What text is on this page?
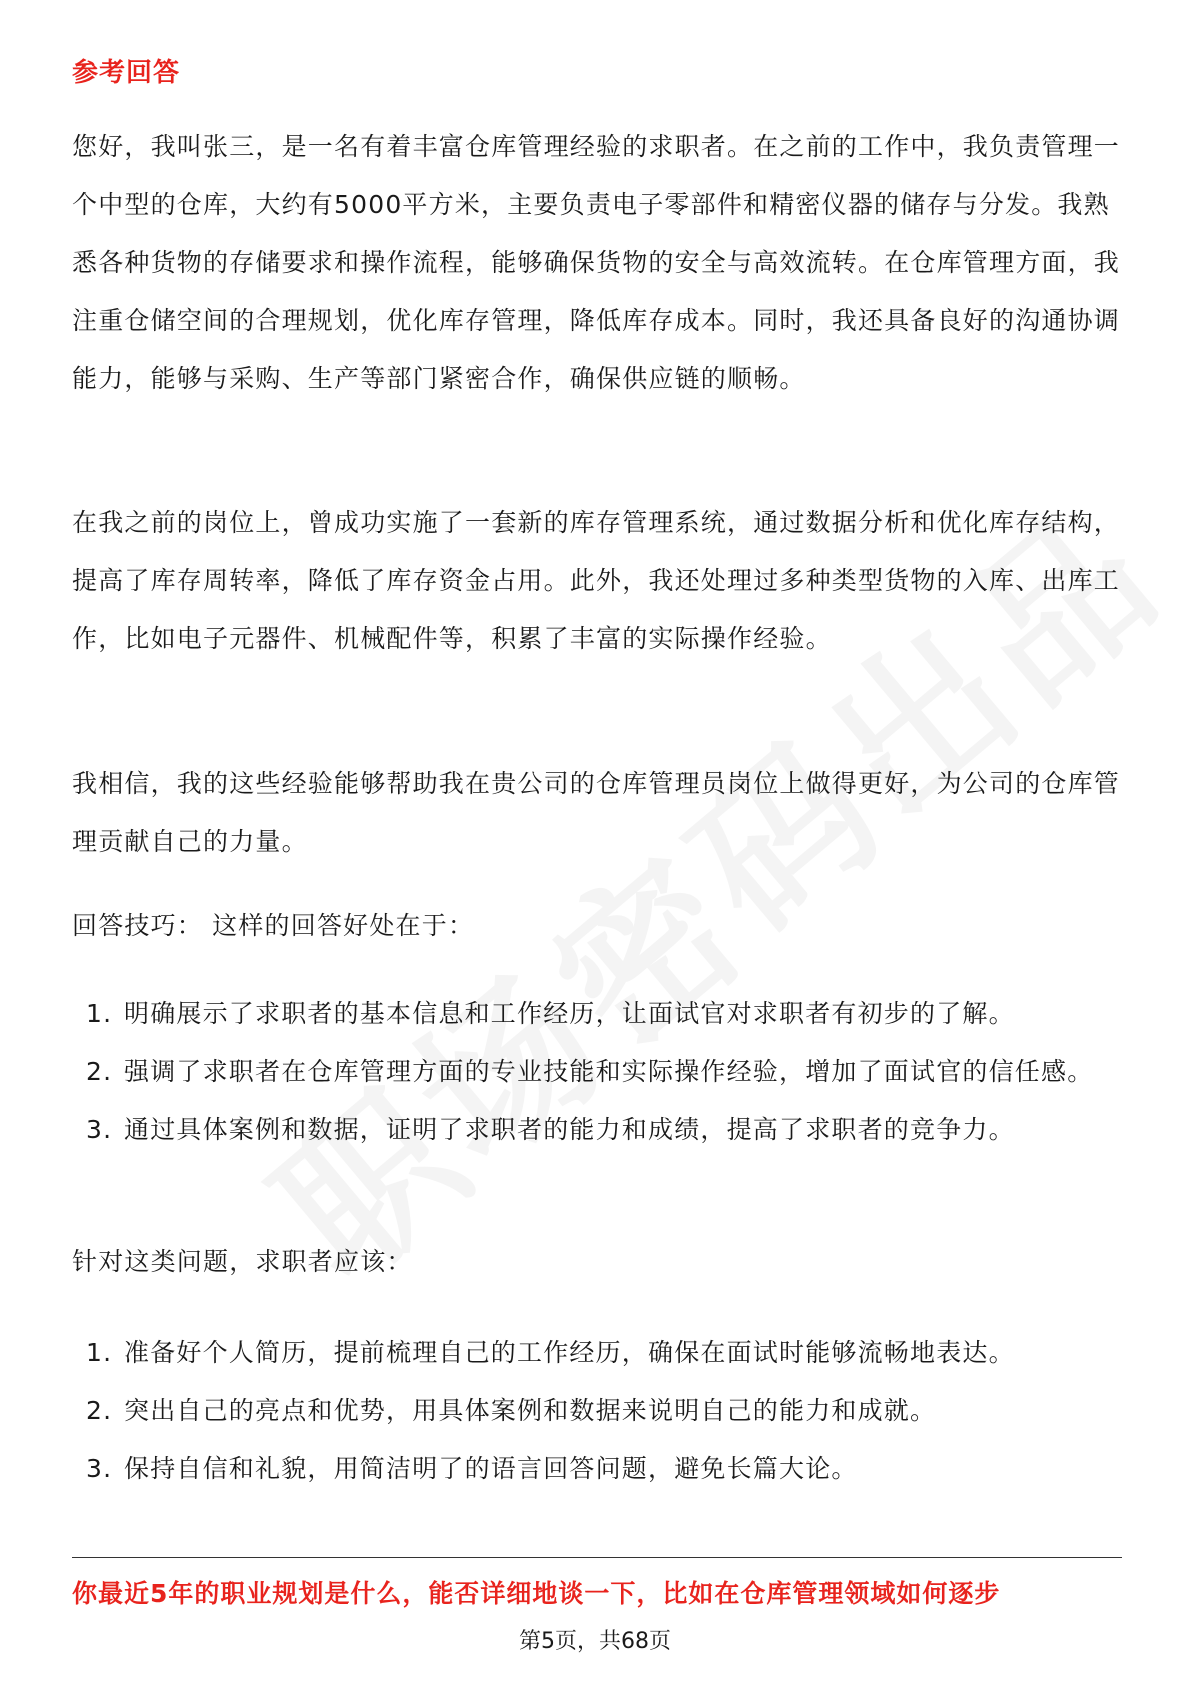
参考回答

您好，我叫张三，是一名有着丰富仓库管理经验的求职者。在之前的工作中，我负责管理一个中型的仓库，大约有5000平方米，主要负责电子零部件和精密仪器的储存与分发。我熟悉各种货物的存储要求和操作流程，能够确保货物的安全与高效流转。在仓库管理方面，我注重仓储空间的合理规划，优化库存管理，降低库存成本。同时，我还具备良好的沟通协调能力，能够与采购、生产等部门紧密合作，确保供应链的顺畅。

在我之前的岗位上，曾成功实施了一套新的库存管理系统，通过数据分析和优化库存结构，提高了库存周转率，降低了库存资金占用。此外，我还处理过多种类型货物的入库、出库工作，比如电子元器件、机械配件等，积累了丰富的实际操作经验。

我相信，我的这些经验能够帮助我在贵公司的仓库管理员岗位上做得更好，为公司的仓库管理贡献自己的力量。

回答技巧： 这样的回答好处在于：

1. 明确展示了求职者的基本信息和工作经历，让面试官对求职者有初步的了解。
2. 强调了求职者在仓库管理方面的专业技能和实际操作经验，增加了面试官的信任感。
3. 通过具体案例和数据，证明了求职者的能力和成绩，提高了求职者的竞争力。

针对这类问题，求职者应该：

1. 准备好个人简历，提前梳理自己的工作经历，确保在面试时能够流畅地表达。
2. 突出自己的亮点和优势，用具体案例和数据来说明自己的能力和成就。
3. 保持自信和礼貌，用简洁明了的语言回答问题，避免长篇大论。
你最近5年的职业规划是什么，能否详细地谈一下，比如在仓库管理领域如何逐步
第5页，共68页
